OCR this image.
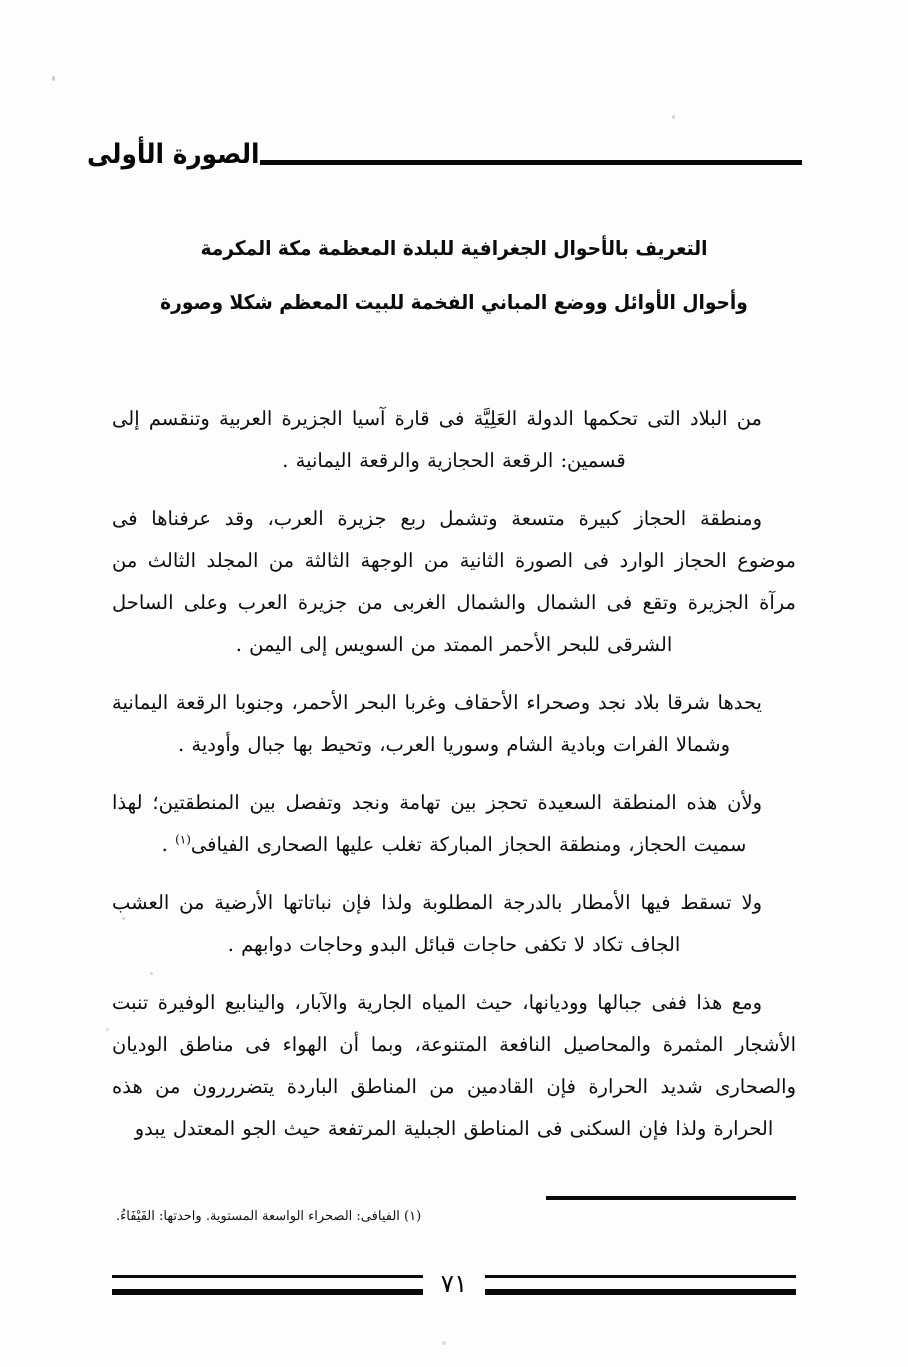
الصورة الأولى
التعريف بالأحوال الجغرافية للبلدة المعظمة مكة المكرمة
وأحوال الأوائل ووضع المباني الفخمة للبيت المعظم شكلا وصورة

من البلاد التى تحكمها الدولة العَلِيَّة فى قارة آسيا الجزيرة العربية وتنقسم إلى قسمين: الرقعة الحجازية والرقعة اليمانية .

ومنطقة الحجاز كبيرة متسعة وتشمل ربع جزيرة العرب، وقد عرفناها فى موضوع الحجاز الوارد فى الصورة الثانية من الوجهة الثالثة من المجلد الثالث من مرآة الجزيرة وتقع فى الشمال والشمال الغربى من جزيرة العرب وعلى الساحل الشرقى للبحر الأحمر الممتد من السويس إلى اليمن .

يحدها شرقا بلاد نجد وصحراء الأحقاف وغربا البحر الأحمر، وجنوبا الرقعة اليمانية وشمالا الفرات وبادية الشام وسوريا العرب، وتحيط بها جبال وأودية .

ولأن هذه المنطقة السعيدة تحجز بين تهامة ونجد وتفصل بين المنطقتين؛ لهذا سميت الحجاز، ومنطقة الحجاز المباركة تغلب عليها الصحارى الفيافى$^{(١)}$ .

ولا تسقط فيها الأمطار بالدرجة المطلوبة ولذا فإن نباتاتها الأرضية من العشب الجاف تكاد لا تكفى حاجات قبائل البدو وحاجات دوابهم .

ومع هذا ففى جبالها ووديانها، حيث المياه الجارية والآبار، والينابيع الوفيرة تنبت الأشجار المثمرة والمحاصيل النافعة المتنوعة، وبما أن الهواء فى مناطق الوديان والصحارى شديد الحرارة فإن القادمين من المناطق الباردة يتضرررون من هذه الحرارة ولذا فإن السكنى فى المناطق الجبلية المرتفعة حيث الجو المعتدل يبدو

(١) الفيافى: الصحراء الواسعة المستوية. واحدتها: الفَيْفَاءُ.
٧١
